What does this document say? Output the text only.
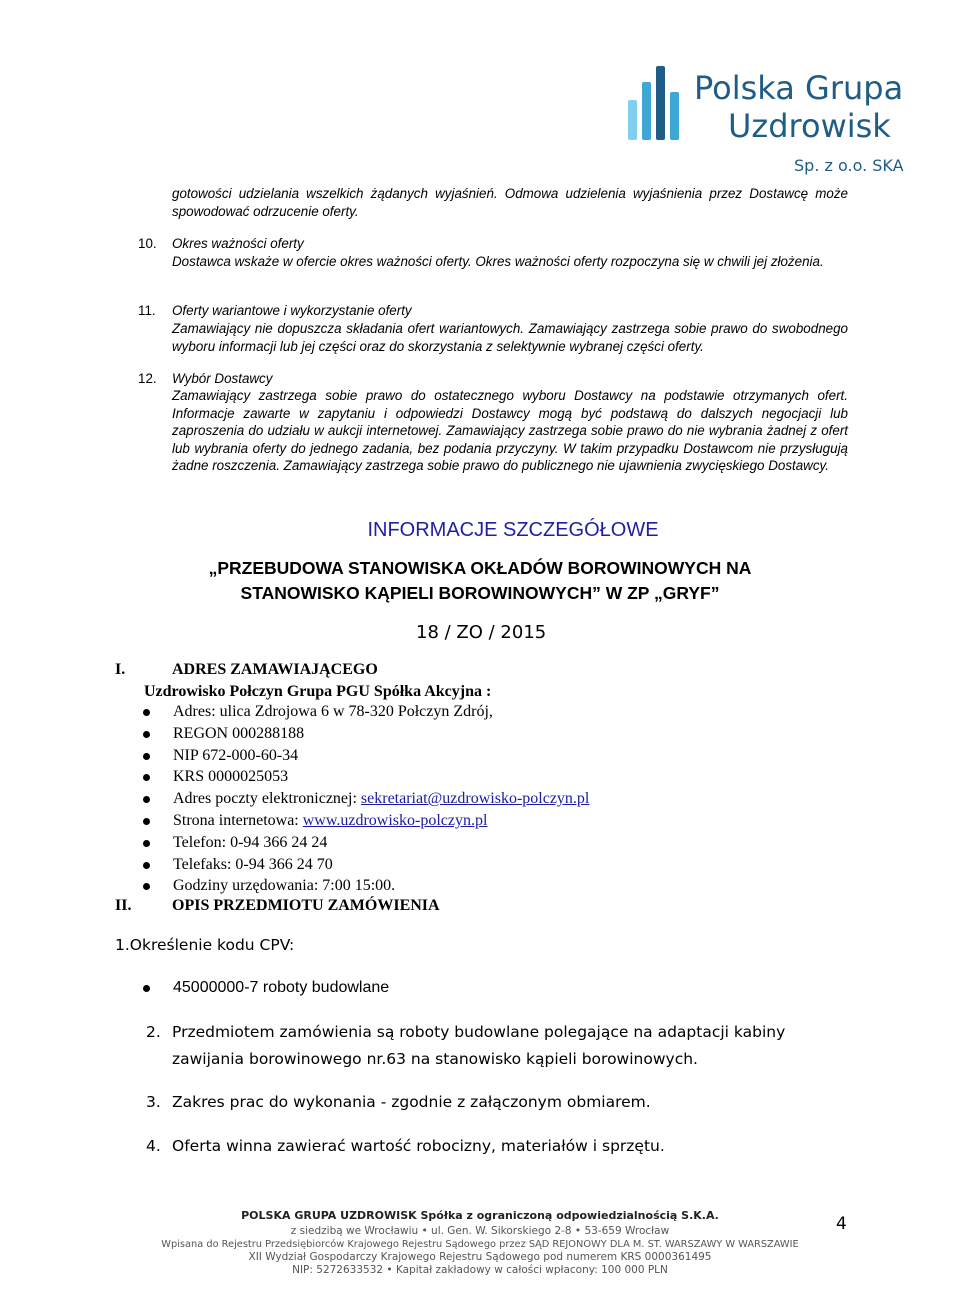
Polska Grupa
Uzdrowisk
Sp. z o.o. SKA
gotowości udzielania wszelkich żądanych wyjaśnień. Odmowa udzielenia wyjaśnienia przez Dostawcę może spowodować odrzucenie oferty.
10. Okres ważności oferty
Dostawca wskaże w ofercie okres ważności oferty. Okres ważności oferty rozpoczyna się w chwili jej złożenia.
11. Oferty wariantowe i wykorzystanie oferty
Zamawiający nie dopuszcza składania ofert wariantowych. Zamawiający zastrzega sobie prawo do swobodnego wyboru informacji lub jej części oraz do skorzystania z selektywnie wybranej części oferty.
12. Wybór Dostawcy
Zamawiający zastrzega sobie prawo do ostatecznego wyboru Dostawcy na podstawie otrzymanych ofert. Informacje zawarte w zapytaniu i odpowiedzi Dostawcy mogą być podstawą do dalszych negocjacji lub zaproszenia do udziału w aukcji internetowej. Zamawiający zastrzega sobie prawo do nie wybrania żadnej z ofert lub wybrania oferty do jednego zadania, bez podania przyczyny. W takim przypadku Dostawcom nie przysługują żadne roszczenia. Zamawiający zastrzega sobie prawo do publicznego nie ujawnienia zwycięskiego Dostawcy.
INFORMACJE SZCZEGÓŁOWE
„PRZEBUDOWA STANOWISKA OKŁADÓW BOROWINOWYCH NA
STANOWISKO KĄPIELI BOROWINOWYCH” W ZP „GRYF”
18 / ZO / 2015
I.	ADRES ZAMAWIAJĄCEGO
Uzdrowisko Połczyn Grupa PGU Spółka Akcyjna :
Adres: ulica Zdrojowa 6 w 78-320 Połczyn Zdrój,
REGON 000288188
NIP 672-000-60-34
KRS 0000025053
Adres poczty elektronicznej: sekretariat@uzdrowisko-polczyn.pl
Strona internetowa: www.uzdrowisko-polczyn.pl
Telefon: 0-94 366 24 24
Telefaks: 0-94 366 24 70
Godziny urzędowania: 7:00 15:00.
II.	OPIS PRZEDMIOTU ZAMÓWIENIA
1.Określenie kodu CPV:
45000000-7 roboty budowlane
2. Przedmiotem zamówienia są roboty budowlane polegające na adaptacji kabiny zawijania borowinowego nr.63 na stanowisko kąpieli borowinowych.
3. Zakres prac do wykonania - zgodnie z załączonym obmiarem.
4. Oferta winna zawierać wartość robocizny, materiałów i sprzętu.
POLSKA GRUPA UZDROWISK Spółka z ograniczoną odpowiedzialnością S.K.A.
z siedzibą we Wrocławiu • ul. Gen. W. Sikorskiego 2-8 • 53-659 Wrocław
Wpisana do Rejestru Przedsiębiorców Krajowego Rejestru Sądowego przez SĄD REJONOWY DLA M. ST. WARSZAWY W WARSZAWIE
XII Wydział Gospodarczy Krajowego Rejestru Sądowego pod numerem KRS 0000361495
NIP: 5272633532 • Kapitał zakładowy w całości wpłacony: 100 000 PLN
4
